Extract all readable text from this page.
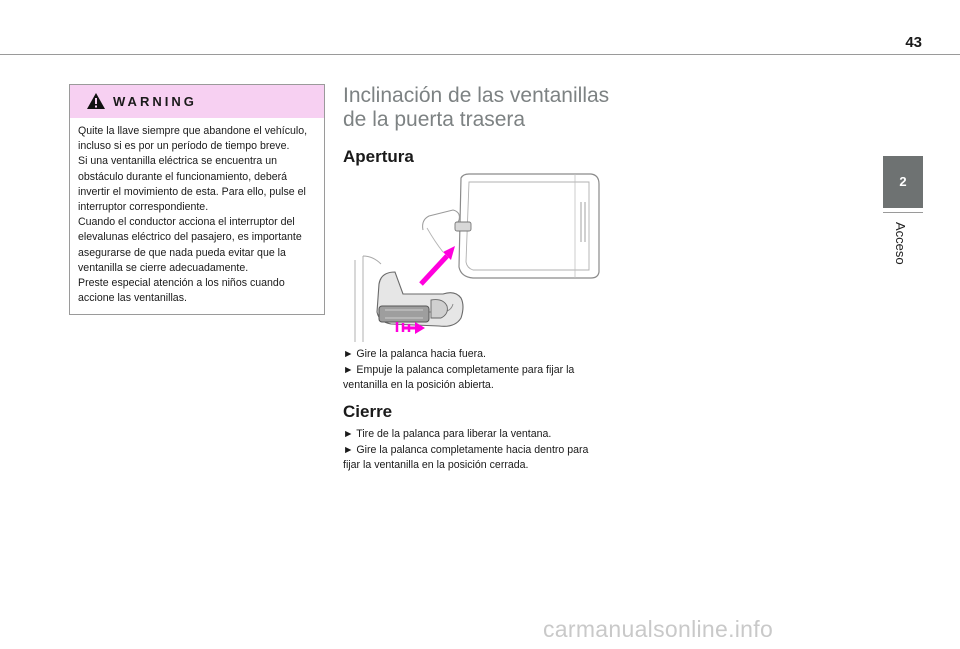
43
2
Acceso
WARNING

Quite la llave siempre que abandone el vehículo, incluso si es por un período de tiempo breve.

Si una ventanilla eléctrica se encuentra un obstáculo durante el funcionamiento, deberá invertir el movimiento de esta. Para ello, pulse el interruptor correspondiente.

Cuando el conductor acciona el interruptor del elevalunas eléctrico del pasajero, es importante asegurarse de que nada pueda evitar que la ventanilla se cierre adecuadamente.

Preste especial atención a los niños cuando accione las ventanillas.

Inclinación de las ventanillas de la puerta trasera
Apertura

► Gire la palanca hacia fuera.

► Empuje la palanca completamente para fijar la ventanilla en la posición abierta.

Cierre

► Tire de la palanca para liberar la ventana.

► Gire la palanca completamente hacia dentro para fijar la ventanilla en la posición cerrada.

carmanualsonline.info
